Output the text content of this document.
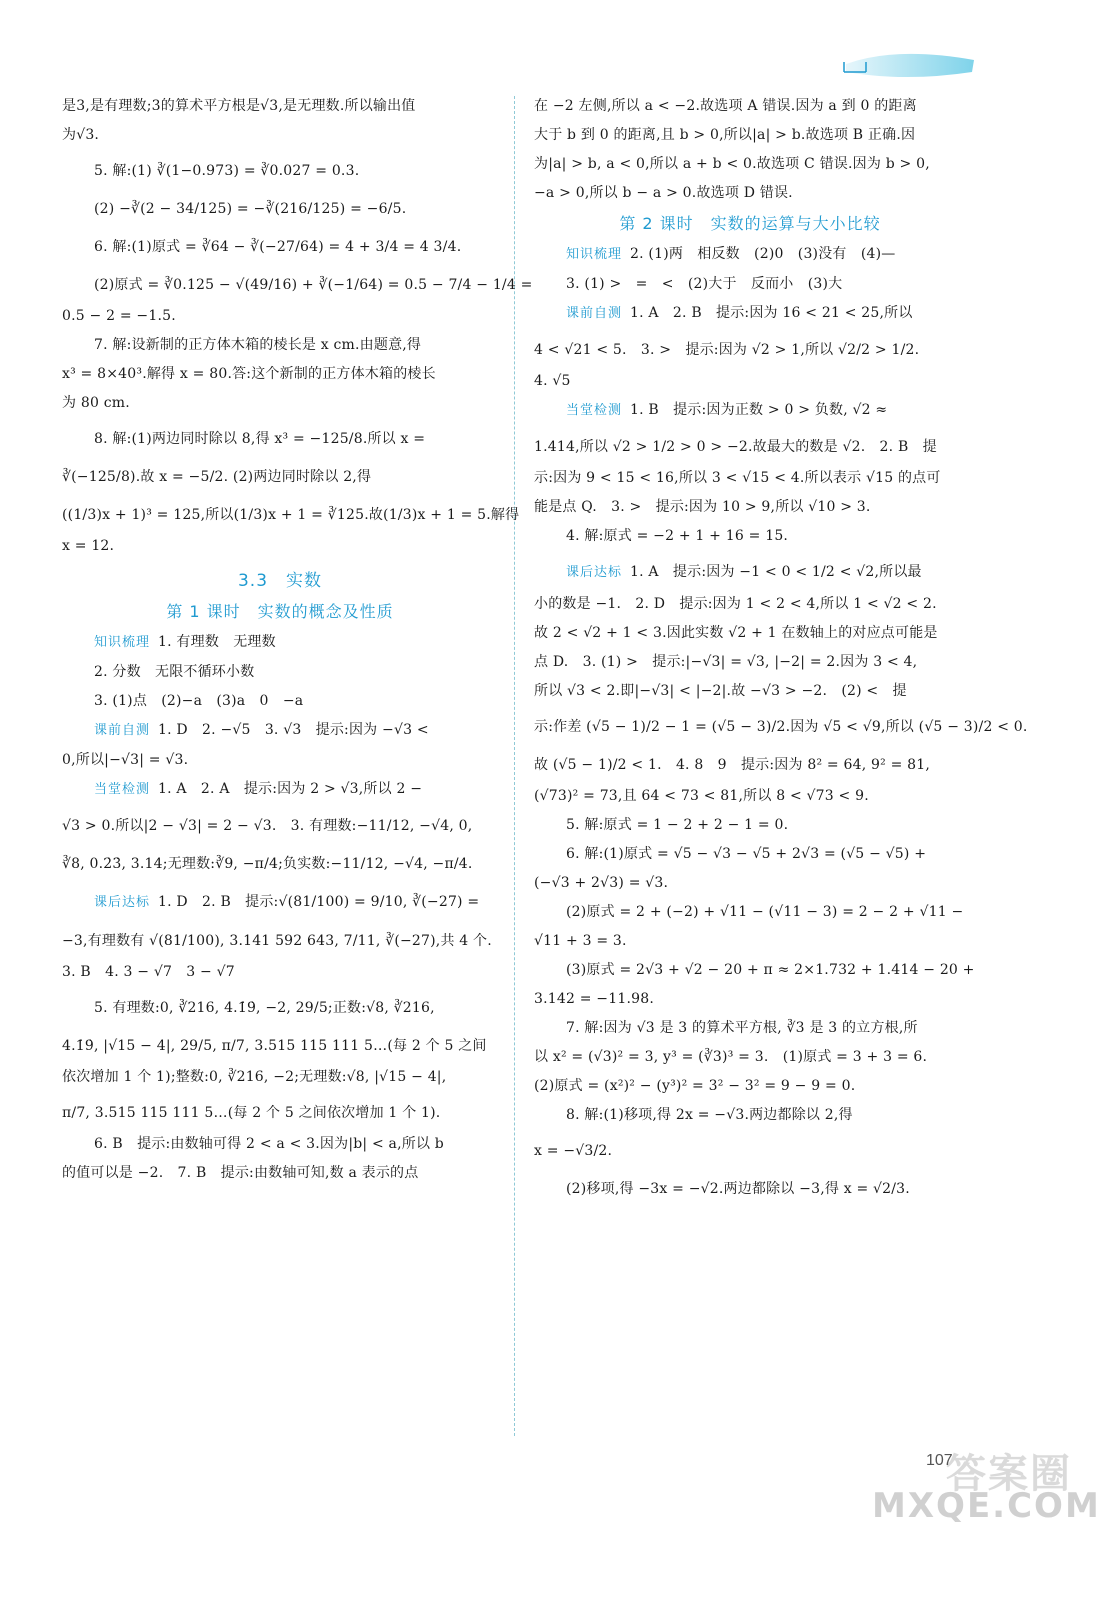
是3,是有理数;3的算术平方根是√3,是无理数.所以输出值
为√3.
5. 解:(1) ∛(1−0.973) = ∛0.027 = 0.3.
(2) −∛(2 − 34/125) = −∛(216/125) = −6/5.
6. 解:(1)原式 = ∛64 − ∛(−27/64) = 4 + 3/4 = 4 3/4.
(2)原式 = ∛0.125 − √(49/16) + ∛(−1/64) = 0.5 − 7/4 − 1/4 =
0.5 − 2 = −1.5.
7. 解:设新制的正方体木箱的棱长是 x cm.由题意,得
x³ = 8×40³.解得 x = 80.答:这个新制的正方体木箱的棱长
为 80 cm.
8. 解:(1)两边同时除以 8,得 x³ = −125/8.所以 x =
∛(−125/8).故 x = −5/2. (2)两边同时除以 2,得
((1/3)x + 1)³ = 125,所以(1/3)x + 1 = ∛125.故(1/3)x + 1 = 5.解得
x = 12.
3.3　实数
第 1 课时　实数的概念及性质
知识梳理 1. 有理数　无理数
2. 分数　无限不循环小数
3. (1)点　(2)−a　(3)a　0　−a
课前自测 1. D　2. −√5　3. √3　提示:因为 −√3 <
0,所以|−√3| = √3.
当堂检测 1. A　2. A　提示:因为 2 > √3,所以 2 −
√3 > 0.所以|2 − √3| = 2 − √3.　3. 有理数:−11/12, −√4, 0,
∛8, 0.2̇3̇, 3.14;无理数:∛9, −π/4;负实数:−11/12, −√4, −π/4.
课后达标 1. D　2. B　提示:√(81/100) = 9/10, ∛(−27) =
−3,有理数有 √(81/100), 3.141 592 643, 7/11, ∛(−27),共 4 个.
3. B　4. 3 − √7　3 − √7
5. 有理数:0, ∛216, 4.1̇9̇, −2, 29/5;正数:√8, ∛216,
4.1̇9̇, |√15 − 4|, 29/5, π/7, 3.515 115 111 5…(每 2 个 5 之间
依次增加 1 个 1);整数:0, ∛216, −2;无理数:√8, |√15 − 4|,
π/7, 3.515 115 111 5…(每 2 个 5 之间依次增加 1 个 1).
6. B　提示:由数轴可得 2 < a < 3.因为|b| < a,所以 b
的值可以是 −2.　7. B　提示:由数轴可知,数 a 表示的点
在 −2 左侧,所以 a < −2.故选项 A 错误.因为 a 到 0 的距离
大于 b 到 0 的距离,且 b > 0,所以|a| > b.故选项 B 正确.因
为|a| > b, a < 0,所以 a + b < 0.故选项 C 错误.因为 b > 0,
−a > 0,所以 b − a > 0.故选项 D 错误.
第 2 课时　实数的运算与大小比较
知识梳理 2. (1)两　相反数　(2)0　(3)没有　(4)—
3. (1) >　=　<　(2)大于　反而小　(3)大
课前自测 1. A　2. B　提示:因为 16 < 21 < 25,所以
4 < √21 < 5.　3. >　提示:因为 √2 > 1,所以 √2/2 > 1/2.
4. √5
当堂检测 1. B　提示:因为正数 > 0 > 负数, √2 ≈
1.414,所以 √2 > 1/2 > 0 > −2.故最大的数是 √2.　2. B　提
示:因为 9 < 15 < 16,所以 3 < √15 < 4.所以表示 √15 的点可
能是点 Q.　3. >　提示:因为 10 > 9,所以 √10 > 3.
4. 解:原式 = −2 + 1 + 16 = 15.
课后达标 1. A　提示:因为 −1 < 0 < 1/2 < √2,所以最
小的数是 −1.　2. D　提示:因为 1 < 2 < 4,所以 1 < √2 < 2.
故 2 < √2 + 1 < 3.因此实数 √2 + 1 在数轴上的对应点可能是
点 D.　3. (1) >　提示:|−√3| = √3, |−2| = 2.因为 3 < 4,
所以 √3 < 2.即|−√3| < |−2|.故 −√3 > −2.　(2) <　提
示:作差 (√5 − 1)/2 − 1 = (√5 − 3)/2.因为 √5 < √9,所以 (√5 − 3)/2 < 0.
故 (√5 − 1)/2 < 1.　4. 8　9　提示:因为 8² = 64, 9² = 81,
(√73)² = 73,且 64 < 73 < 81,所以 8 < √73 < 9.
5. 解:原式 = 1 − 2 + 2 − 1 = 0.
6. 解:(1)原式 = √5 − √3 − √5 + 2√3 = (√5 − √5) +
(−√3 + 2√3) = √3.
(2)原式 = 2 + (−2) + √11 − (√11 − 3) = 2 − 2 + √11 −
√11 + 3 = 3.
(3)原式 = 2√3 + √2 − 20 + π ≈ 2×1.732 + 1.414 − 20 +
3.142 = −11.98.
7. 解:因为 √3 是 3 的算术平方根, ∛3 是 3 的立方根,所
以 x² = (√3)² = 3, y³ = (∛3)³ = 3.　(1)原式 = 3 + 3 = 6.
(2)原式 = (x²)² − (y³)² = 3² − 3² = 9 − 9 = 0.
8. 解:(1)移项,得 2x = −√3.两边都除以 2,得
x = −√3/2.
(2)移项,得 −3x = −√2.两边都除以 −3,得 x = √2/3.
答案圈
107
MXQE.COM
